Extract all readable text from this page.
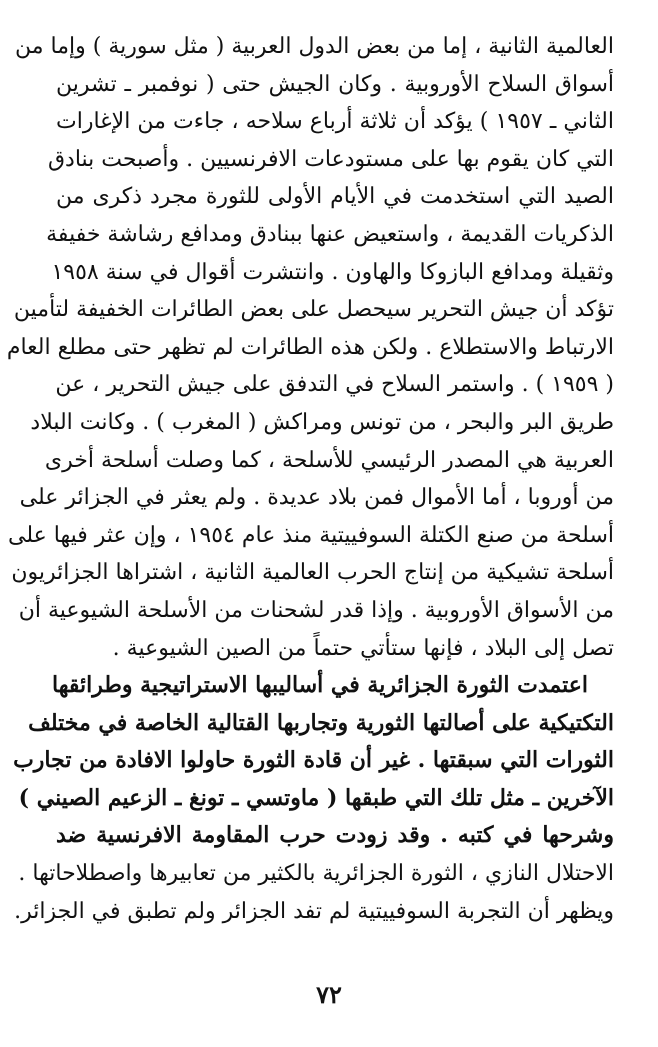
العالمية الثانية ، إما من بعض الدول العربية ( مثل سورية ) وإما من
أسواق السلاح الأوروبية . وكان الجيش حتى ( نوفمبر ـ تشرين
الثاني ـ ١٩٥٧ ) يؤكد أن ثلاثة أرباع سلاحه ، جاءت من الإغارات
التي كان يقوم بها على مستودعات الافرنسيين . وأصبحت بنادق
الصيد التي استخدمت في الأيام الأولى للثورة مجرد ذكرى من
الذكريات القديمة ، واستعيض عنها ببنادق ومدافع رشاشة خفيفة
وثقيلة ومدافع البازوكا والهاون . وانتشرت أقوال في سنة ١٩٥٨
تؤكد أن جيش التحرير سيحصل على بعض الطائرات الخفيفة لتأمين
الارتباط والاستطلاع . ولكن هذه الطائرات لم تظهر حتى مطلع العام
( ١٩٥٩ ) . واستمر السلاح في التدفق على جيش التحرير ، عن
طريق البر والبحر ، من تونس ومراكش ( المغرب ) . وكانت البلاد
العربية هي المصدر الرئيسي للأسلحة ، كما وصلت أسلحة أخرى
من أوروبا ، أما الأموال فمن بلاد عديدة . ولم يعثر في الجزائر على
أسلحة من صنع الكتلة السوفييتية منذ عام ١٩٥٤ ، وإن عثر فيها على
أسلحة تشيكية من إنتاج الحرب العالمية الثانية ، اشتراها الجزائريون
من الأسواق الأوروبية . وإذا قدر لشحنات من الأسلحة الشيوعية أن
تصل إلى البلاد ، فإنها ستأتي حتماً من الصين الشيوعية .
اعتمدت الثورة الجزائرية في أساليبها الاستراتيجية وطرائقها
التكتيكية على أصالتها الثورية وتجاربها القتالية الخاصة في مختلف
الثورات التي سبقتها . غير أن قادة الثورة حاولوا الافادة من تجارب
الآخرين ـ مثل تلك التي طبقها ( ماوتسي ـ تونغ ـ الزعيم الصيني )
وشرحها في كتبه . وقد زودت حرب المقاومة الافرنسية ضد
الاحتلال النازي ، الثورة الجزائرية بالكثير من تعابيرها واصطلاحاتها .
ويظهر أن التجربة السوفييتية لم تفد الجزائر ولم تطبق في الجزائر.
٧٢
